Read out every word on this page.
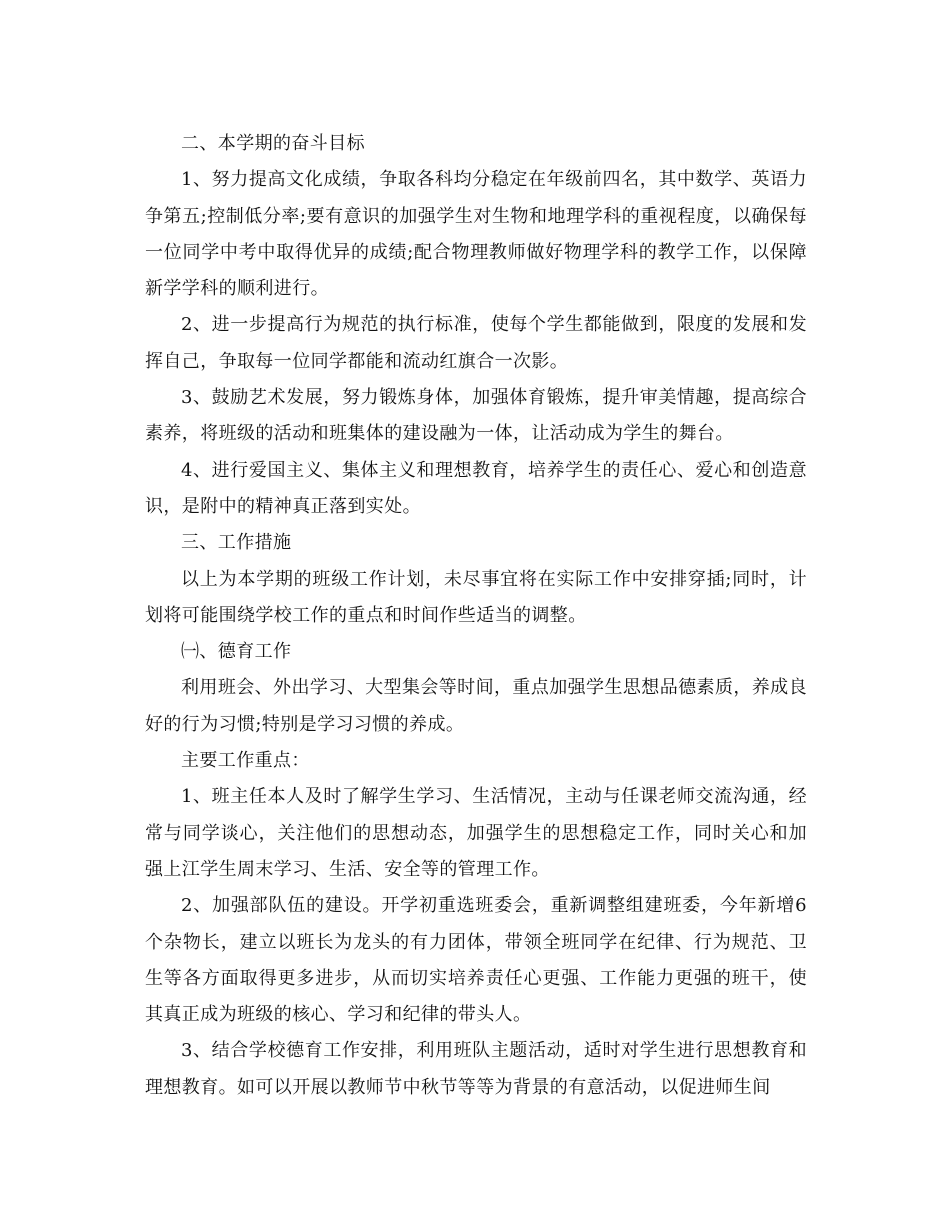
二、本学期的奋斗目标

1、努力提高文化成绩，争取各科均分稳定在年级前四名，其中数学、英语力争第五;控制低分率;要有意识的加强学生对生物和地理学科的重视程度，以确保每一位同学中考中取得优异的成绩;配合物理教师做好物理学科的教学工作，以保障新学学科的顺利进行。

2、进一步提高行为规范的执行标准，使每个学生都能做到，限度的发展和发挥自己，争取每一位同学都能和流动红旗合一次影。

3、鼓励艺术发展，努力锻炼身体，加强体育锻炼，提升审美情趣，提高综合素养，将班级的活动和班集体的建设融为一体，让活动成为学生的舞台。

4、进行爱国主义、集体主义和理想教育，培养学生的责任心、爱心和创造意识，是附中的精神真正落到实处。

三、工作措施

以上为本学期的班级工作计划，未尽事宜将在实际工作中安排穿插;同时，计划将可能围绕学校工作的重点和时间作些适当的调整。

㈠、德育工作

利用班会、外出学习、大型集会等时间，重点加强学生思想品德素质，养成良好的行为习惯;特别是学习习惯的养成。

主要工作重点：

1、班主任本人及时了解学生学习、生活情况，主动与任课老师交流沟通，经常与同学谈心，关注他们的思想动态，加强学生的思想稳定工作，同时关心和加强上江学生周末学习、生活、安全等的管理工作。

2、加强部队伍的建设。开学初重选班委会，重新调整组建班委，今年新增6个杂物长，建立以班长为龙头的有力团体，带领全班同学在纪律、行为规范、卫生等各方面取得更多进步，从而切实培养责任心更强、工作能力更强的班干，使其真正成为班级的核心、学习和纪律的带头人。

3、结合学校德育工作安排，利用班队主题活动，适时对学生进行思想教育和理想教育。如可以开展以教师节中秋节等等为背景的有意活动，以促进师生间
